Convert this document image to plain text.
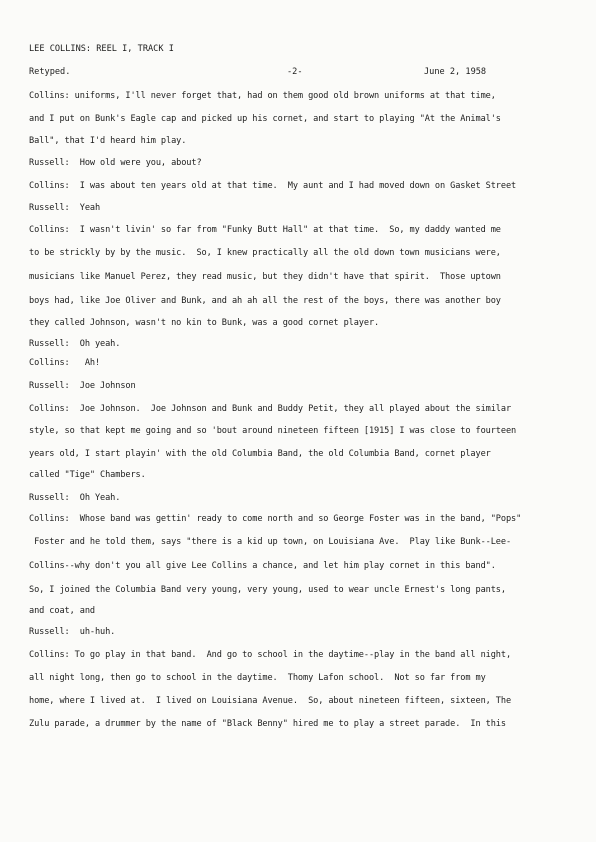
LEE COLLINS: REEL I, TRACK I
Retyped.	-2-	June 2, 1958
Collins: uniforms, I'll never forget that, had on them good old brown uniforms at that time,
and I put on Bunk's Eagle cap and picked up his cornet, and start to playing "At the Animal's
Ball", that I'd heard him play.
Russell:  How old were you, about?
Collins:  I was about ten years old at that time.  My aunt and I had moved down on Gasket Street
Russell:  Yeah
Collins:  I wasn't livin' so far from "Funky Butt Hall" at that time.  So, my daddy wanted me
to be strickly by by the music.  So, I knew practically all the old down town musicians were,
musicians like Manuel Perez, they read music, but they didn't have that spirit.  Those uptown
boys had, like Joe Oliver and Bunk, and ah ah all the rest of the boys, there was another boy
they called Johnson, wasn't no kin to Bunk, was a good cornet player.
Russell:  Oh yeah.
Collins:   Ah!
Russell:  Joe Johnson
Collins:  Joe Johnson.  Joe Johnson and Bunk and Buddy Petit, they all played about the similar
style, so that kept me going and so 'bout around nineteen fifteen [1915] I was close to fourteen
years old, I start playin' with the old Columbia Band, the old Columbia Band, cornet player
called "Tige" Chambers.
Russell:  Oh Yeah.
Collins:  Whose band was gettin' ready to come north and so George Foster was in the band, "Pops"
Foster and he told them, says "there is a kid up town, on Louisiana Ave.  Play like Bunk--Lee-
Collins--why don't you all give Lee Collins a chance, and let him play cornet in this band".
So, I joined the Columbia Band very young, very young, used to wear uncle Ernest's long pants,
and coat, and
Russell:  uh-huh.
Collins: To go play in that band.  And go to school in the daytime--play in the band all night,
all night long, then go to school in the daytime.  Thomy Lafon school.  Not so far from my
home, where I lived at.  I lived on Louisiana Avenue.  So, about nineteen fifteen, sixteen, The
Zulu parade, a drummer by the name of "Black Benny" hired me to play a street parade.  In this
